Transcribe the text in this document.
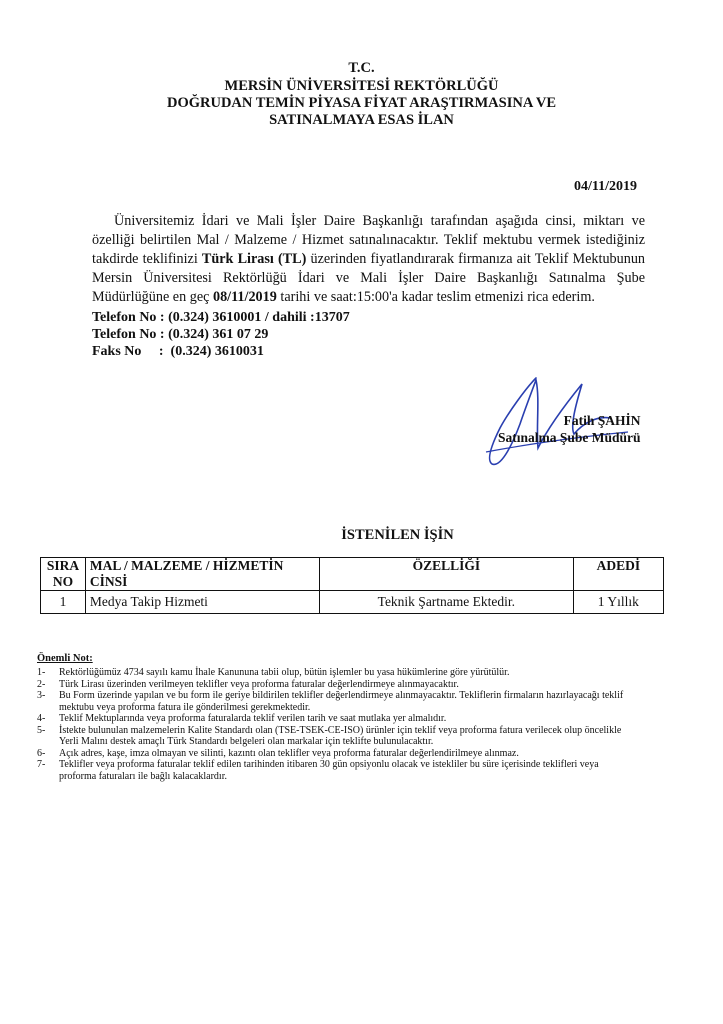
T.C.
MERSİN ÜNİVERSİTESİ REKTÖRLÜĞÜ
DOĞRUDAN TEMİN PİYASA FİYAT ARAŞTIRMASINA VE
SATINALMAYA ESAS İLAN
04/11/2019
Üniversitemiz İdari ve Mali İşler Daire Başkanlığı tarafından aşağıda cinsi, miktarı ve özelliği belirtilen Mal / Malzeme / Hizmet satınalınacaktır. Teklif mektubu vermek istediğiniz takdirde teklifinizi Türk Lirası (TL) üzerinden fiyatlandırarak firmanıza ait Teklif Mektubunun Mersin Üniversitesi Rektörlüğü İdari ve Mali İşler Daire Başkanlığı Satınalma Şube Müdürlüğüne en geç 08/11/2019 tarihi ve saat:15:00'a kadar teslim etmenizi rica ederim.
Telefon No : (0.324) 3610001 / dahili :13707
Telefon No : (0.324) 361 07 29
Faks No     :  (0.324) 3610031
Fatih ŞAHİN
Satınalma Şube Müdürü
İSTENİLEN İŞİN
SIRA NO	MAL / MALZEME / HİZMETİN CİNSİ	ÖZELLİĞİ	ADEDİ
1	Medya Takip Hizmeti	Teknik Şartname Ektedir.	1 Yıllık
Önemli Not:
1- Rektörlüğümüz 4734 sayılı kamu İhale Kanununa tabii olup, bütün işlemler bu yasa hükümlerine göre yürütülür.
2- Türk Lirası üzerinden verilmeyen teklifler veya proforma faturalar değerlendirmeye alınmayacaktır.
3- Bu Form üzerinde yapılan ve bu form ile geriye bildirilen teklifler değerlendirmeye alınmayacaktır. Tekliflerin firmaların hazırlayacağı teklif mektubu veya proforma fatura ile gönderilmesi gerekmektedir.
4- Teklif Mektuplarında veya proforma faturalarda teklif verilen tarih ve saat mutlaka yer almalıdır.
5- İstekte bulunulan malzemelerin Kalite Standardı olan (TSE-TSEK-CE-ISO) ürünler için teklif veya proforma fatura verilecek olup öncelikle Yerli Malını destek amaçlı Türk Standardı belgeleri olan markalar için teklifte bulunulacaktır.
6- Açık adres, kaşe, imza olmayan ve silinti, kazıntı olan teklifler veya proforma faturalar değerlendirilmeye alınmaz.
7- Teklifler veya proforma faturalar teklif edilen tarihinden itibaren 30 gün opsiyonlu olacak ve istekliler bu süre içerisinde teklifleri veya proforma faturaları ile bağlı kalacaklardır.
